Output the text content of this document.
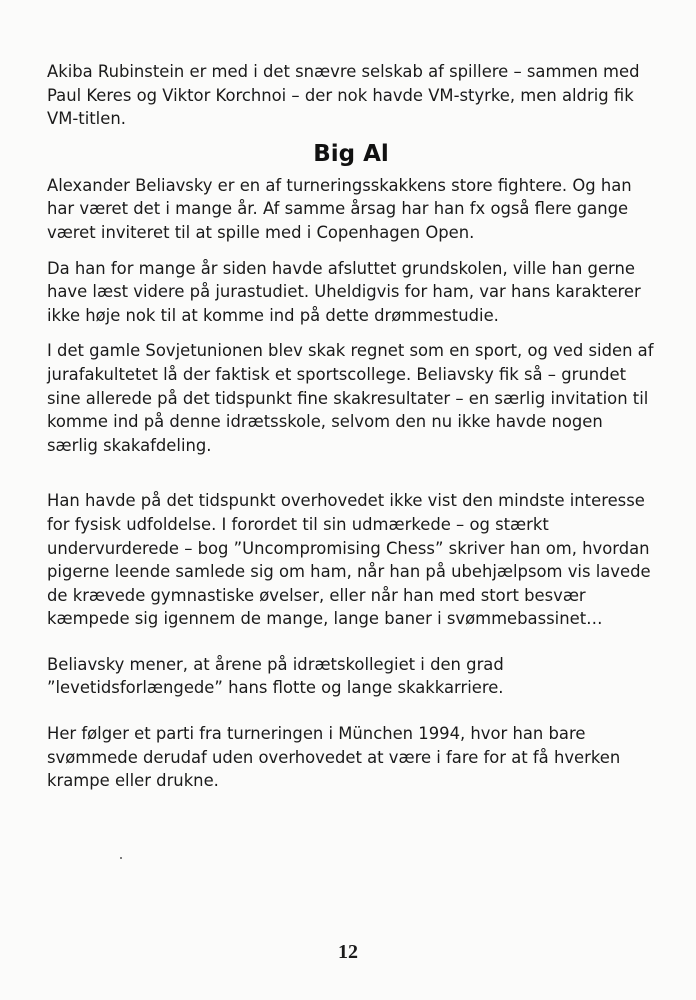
Akiba Rubinstein er med i det snævre selskab af spillere – sammen med Paul Keres og Viktor Korchnoi – der nok havde VM-styrke, men aldrig fik VM-titlen.

Big Al

Alexander Beliavsky er en af turneringsskakkens store fightere. Og han har været det i mange år. Af samme årsag har han fx også flere gange været inviteret til at spille med i Copenhagen Open.

Da han for mange år siden havde afsluttet grundskolen, ville han gerne have læst videre på jurastudiet. Uheldigvis for ham, var hans karakterer ikke høje nok til at komme ind på dette drømmestudie.

I det gamle Sovjetunionen blev skak regnet som en sport, og ved siden af jurafakultetet lå der faktisk et sportscollege. Beliavsky fik så – grundet sine allerede på det tidspunkt fine skakresultater – en særlig invitation til komme ind på denne idrætsskole, selvom den nu ikke havde nogen særlig skakafdeling.

Han havde på det tidspunkt overhovedet ikke vist den mindste interesse for fysisk udfoldelse. I forordet til sin udmærkede – og stærkt undervurderede – bog ”Uncompromising Chess” skriver han om, hvordan pigerne leende samlede sig om ham, når han på ubehjælpsom vis lavede de krævede gymnastiske øvelser, eller når han med stort besvær kæmpede sig igennem de mange, lange baner i svømmebassinet…

Beliavsky mener, at årene på idrætskollegiet i den grad ”levetidsforlængede” hans flotte og lange skakkarriere.

Her følger et parti fra turneringen i München 1994, hvor han bare svømmede derudaf uden overhovedet at være i fare for at få hverken krampe eller drukne.

12
